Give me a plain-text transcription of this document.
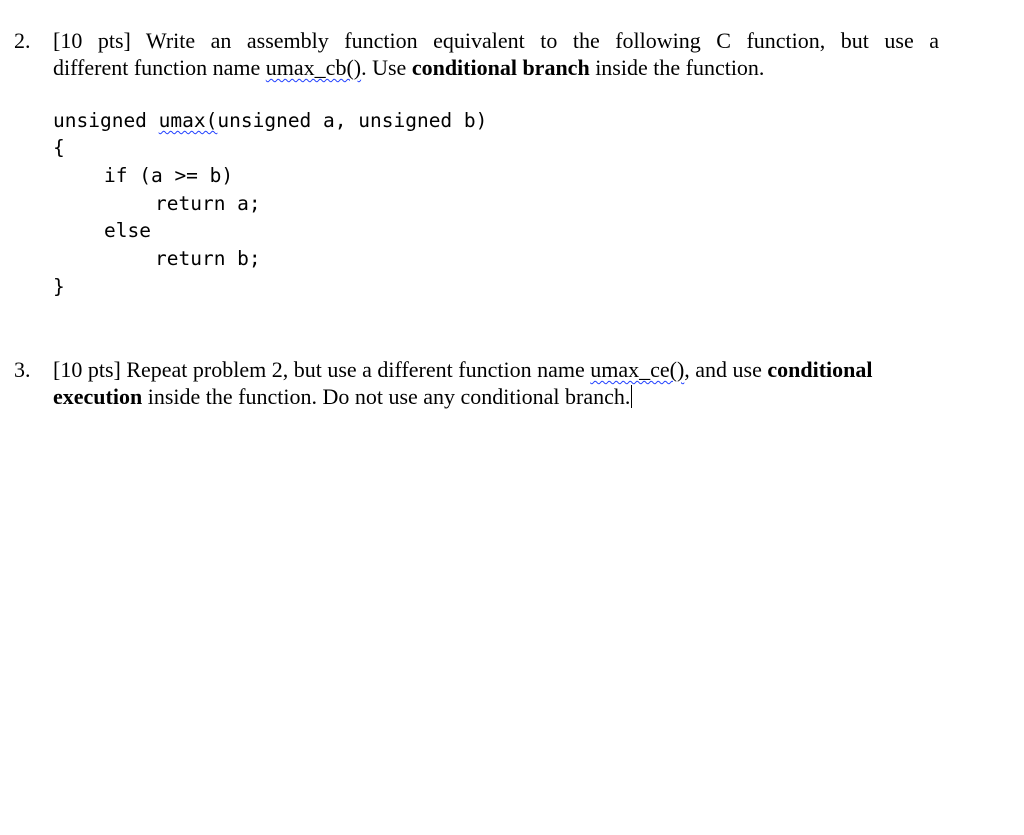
2. [10 pts] Write an assembly function equivalent to the following C function, but use a
different function name umax_cb(). Use conditional branch inside the function.
unsigned umax(unsigned a, unsigned b)
{
if (a >= b)
return a;
else
return b;
}
3. [10 pts] Repeat problem 2, but use a different function name umax_ce(), and use conditional
execution inside the function. Do not use any conditional branch.
